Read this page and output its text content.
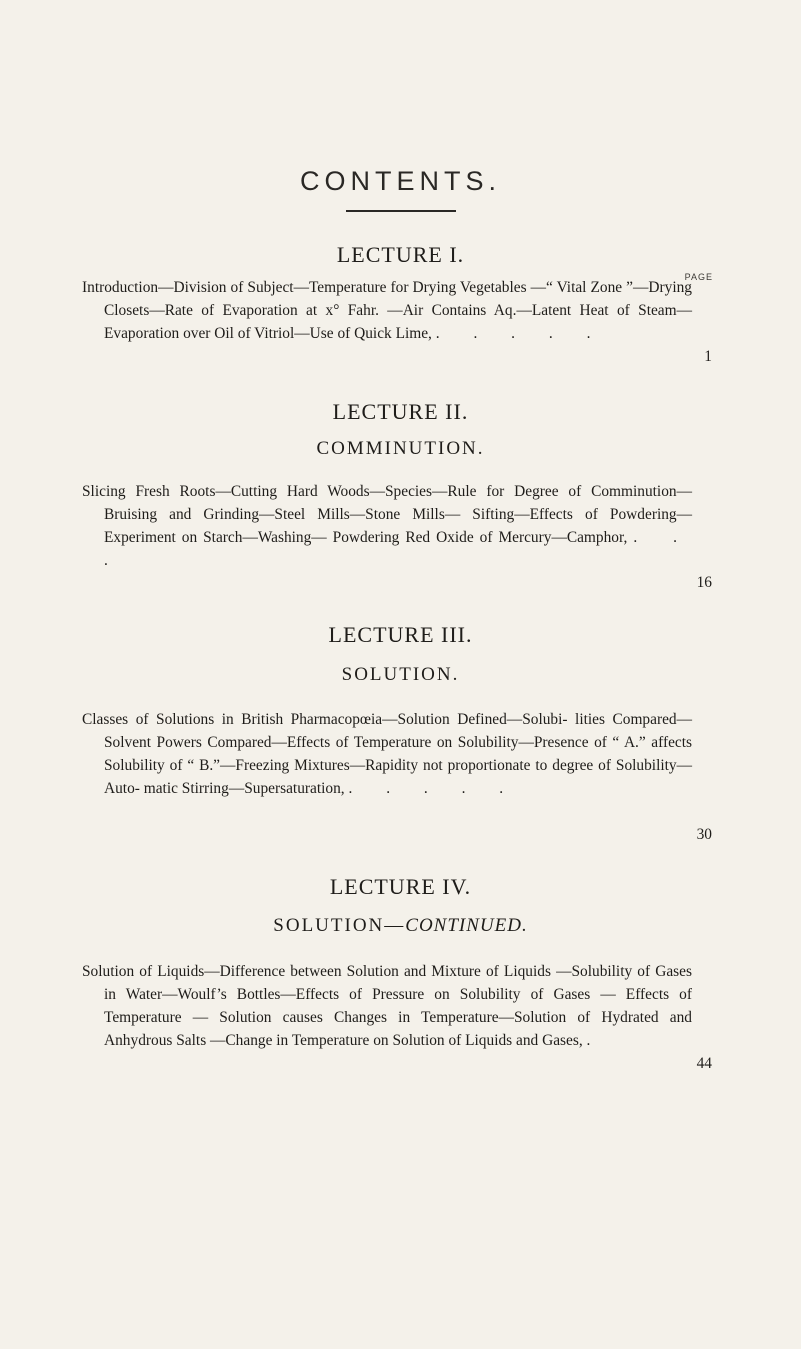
CONTENTS.
LECTURE I.
PAGE

Introduction—Division of Subject—Temperature for Drying Vegetables —“ Vital Zone ”—Drying Closets—Rate of Evaporation at x° Fahr. —Air Contains Aq.—Latent Heat of Steam—Evaporation over Oil of Vitriol—Use of Quick Lime, . . . . .

1
LECTURE II.
COMMINUTION.

Slicing Fresh Roots—Cutting Hard Woods—Species—Rule for Degree of Comminution—Bruising and Grinding—Steel Mills—Stone Mills— Sifting—Effects of Powdering—Experiment on Starch—Washing— Powdering Red Oxide of Mercury—Camphor, . . .

16
LECTURE III.
SOLUTION.

Classes of Solutions in British Pharmacopœia—Solution Defined—Solubi- lities Compared—Solvent Powers Compared—Effects of Temperature on Solubility—Presence of “ A.” affects Solubility of “ B.”—Freezing Mixtures—Rapidity not proportionate to degree of Solubility—Auto- matic Stirring—Supersaturation, . . . . .

30
LECTURE IV.
SOLUTION—CONTINUED.

Solution of Liquids—Difference between Solution and Mixture of Liquids —Solubility of Gases in Water—Woulf’s Bottles—Effects of Pressure on Solubility of Gases — Effects of Temperature — Solution causes Changes in Temperature—Solution of Hydrated and Anhydrous Salts —Change in Temperature on Solution of Liquids and Gases, .

44
